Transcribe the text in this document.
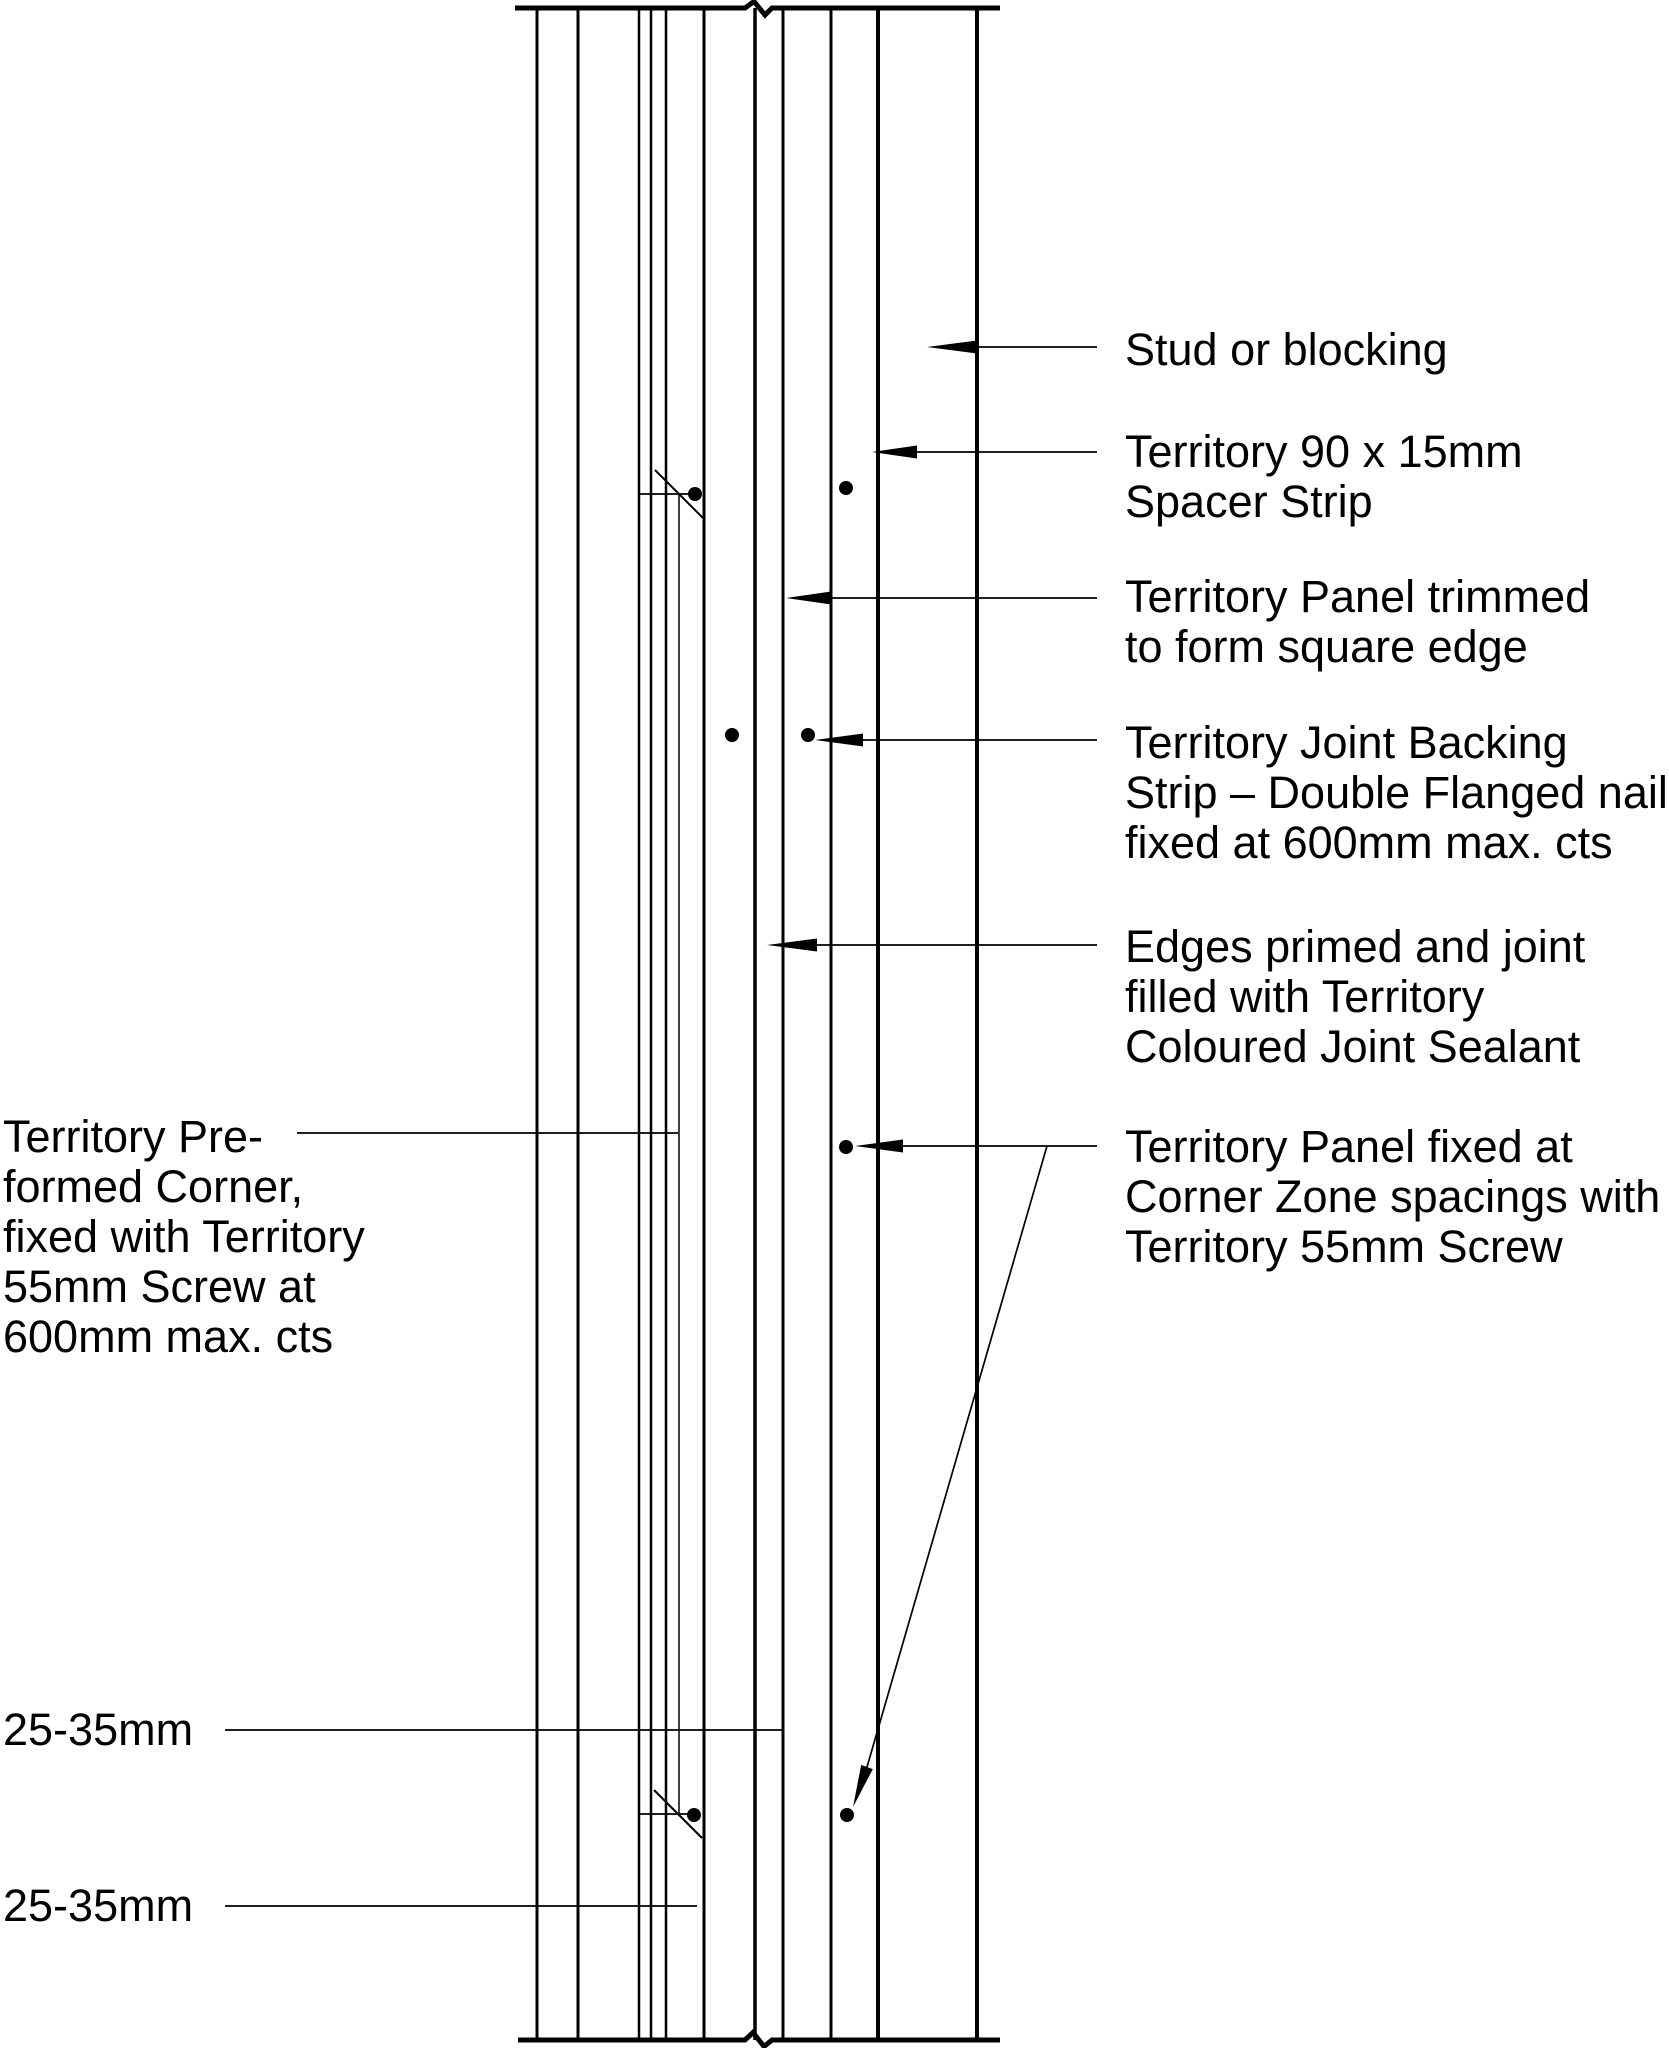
Stud or blocking
Territory 90 x 15mm
Spacer Strip
Territory Panel trimmed
to form square edge
Territory Joint Backing
Strip – Double Flanged nail
fixed at 600mm max. cts
Edges primed and joint
filled with Territory
Coloured Joint Sealant
Territory Panel fixed at
Corner Zone spacings with
Territory 55mm Screw
Territory Pre-
formed Corner,
fixed with Territory
55mm Screw at
600mm max. cts
25-35mm
25-35mm
